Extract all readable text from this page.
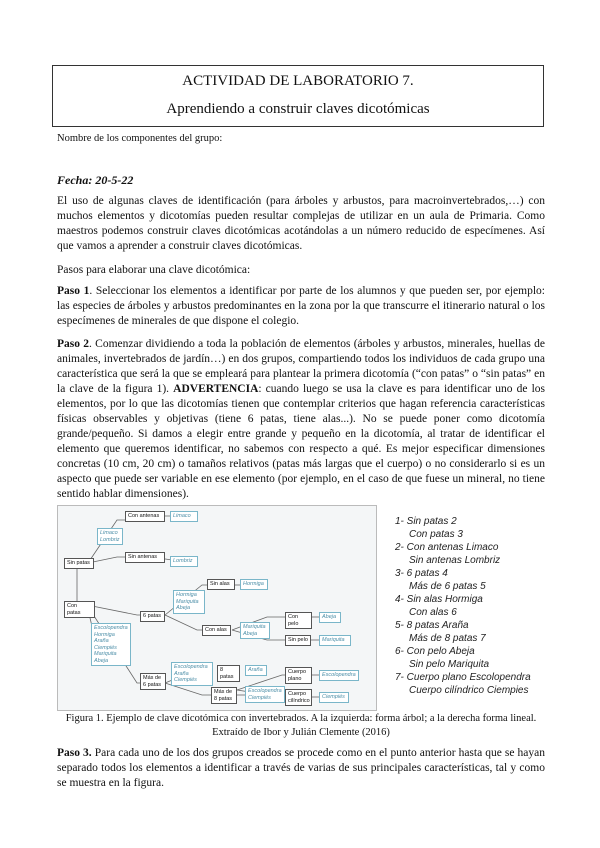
ACTIVIDAD DE LABORATORIO 7.
Aprendiendo a construir claves dicotómicas
Nombre de los componentes del grupo:
Fecha: 20-5-22
El uso de algunas claves de identificación (para árboles y arbustos, para macroinvertebrados,…) con muchos elementos y dicotomías pueden resultar complejas de utilizar en un aula de Primaria. Como maestros podemos construir claves dicotómicas acotándolas a un número reducido de especímenes. Así que vamos a aprender a construir claves dicotómicas.
Pasos para elaborar una clave dicotómica:
Paso 1. Seleccionar los elementos a identificar por parte de los alumnos y que pueden ser, por ejemplo: las especies de árboles y arbustos predominantes en la zona por la que transcurre el itinerario natural o los especímenes de minerales de que dispone el colegio.
Paso 2. Comenzar dividiendo a toda la población de elementos (árboles y arbustos, minerales, huellas de animales, invertebrados de jardín…) en dos grupos, compartiendo todos los individuos de cada grupo una característica que será la que se empleará para plantear la primera dicotomía (“con patas” o “sin patas” en la clave de la figura 1). ADVERTENCIA: cuando luego se usa la clave es para identificar uno de los elementos, por lo que las dicotomías tienen que contemplar criterios que hagan referencia características físicas observables y objetivas (tiene 6 patas, tiene alas...). No se puede poner como dicotomía grande/pequeño. Si damos a elegir entre grande y pequeño en la dicotomía, al tratar de identificar el elemento que queremos identificar, no sabemos con respecto a qué. Es mejor especificar dimensiones concretas (10 cm, 20 cm) o tamaños relativos (patas más largas que el cuerpo) o no considerarlo si es un aspecto que puede ser variable en ese elemento (por ejemplo, en el caso de que fuese un mineral, no tiene sentido hablar dimensiones).
Con antenas
Sin antenas
Sin patas
Con patas
Sin alas
6 patas
Con alas
Con pelo
Sin pelo
8 patas
Más de
6 patas
Cuerpo
plano
Más de
8 patas
Cuerpo
cilíndrico
Limaco
Lombriz
Limaco
Lombriz
Hormiga
Hormiga
Mariquita
Abeja
Abeja
Mariquita
Abeja
Mariquita
Escolopendra
Hormiga
Araña
Ciempiés
Mariquita
Abeja
Araña
Escolopendra
Araña
Ciempiés
Escolopendra
Escolopendra
Ciempiés	Ciempiés
1- Sin patas 2
Con patas 3
2- Con antenas Limaco
Sin antenas Lombriz
3- 6 patas 4
Más de 6 patas 5
4- Sin alas Hormiga
Con alas 6
5- 8 patas Araña
Más de 8 patas 7
6- Con pelo Abeja
Sin pelo Mariquita
7- Cuerpo plano Escolopendra
Cuerpo cilíndrico Ciempies
Figura 1. Ejemplo de clave dicotómica con invertebrados. A la izquierda: forma árbol; a la derecha forma lineal.
Extraído de Ibor y Julián Clemente (2016)
Paso 3. Para cada uno de los dos grupos creados se procede como en el punto anterior hasta que se hayan separado todos los elementos a identificar a través de varias de sus principales características, tal y como se muestra en la figura.
